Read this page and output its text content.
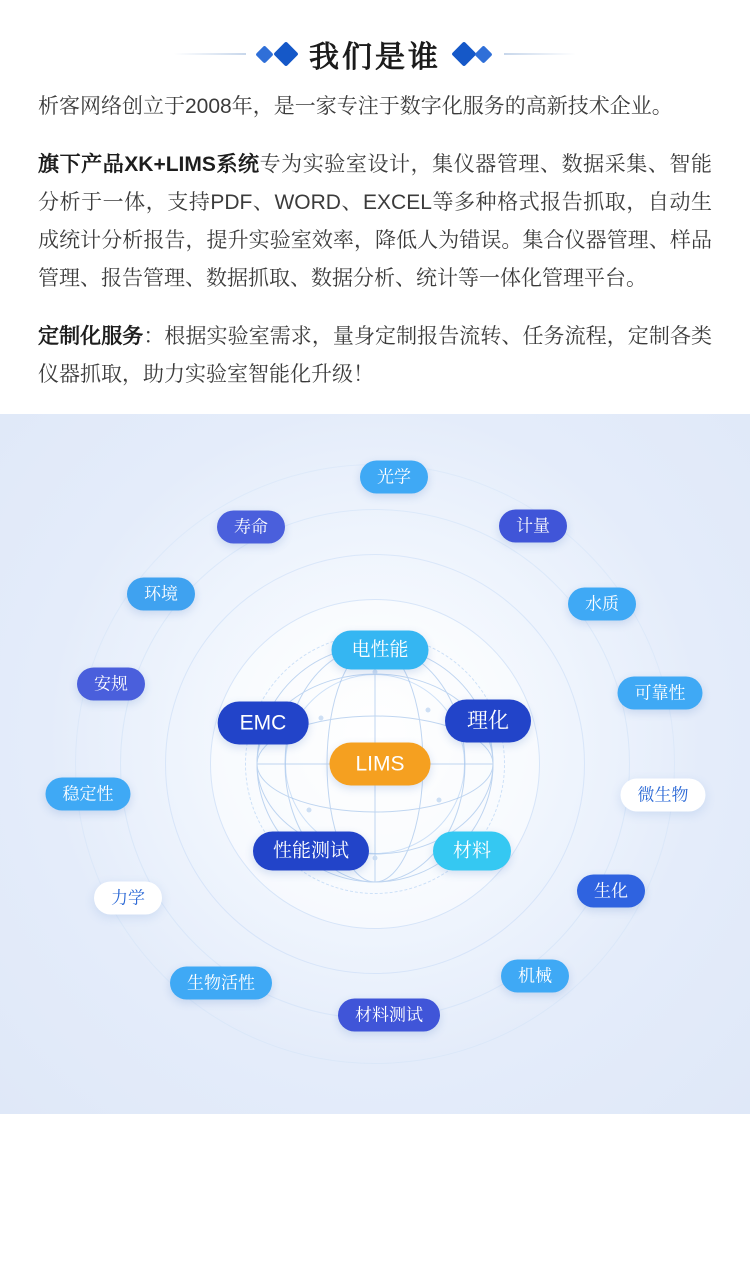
我们是谁

析客网络创立于2008年，是一家专注于数字化服务的高新技术企业。

旗下产品XK+LIMS系统专为实验室设计，集仪器管理、数据采集、智能分析于一体，支持PDF、WORD、EXCEL等多种格式报告抓取，自动生成统计分析报告，提升实验室效率，降低人为错误。集合仪器管理、样品管理、报告管理、数据抓取、数据分析、统计等一体化管理平台。

定制化服务：根据实验室需求，量身定制报告流转、任务流程，定制各类仪器抓取，助力实验室智能化升级！

光学
计量
寿命
环境
水质
安规	可靠性
电性能
EMC	理化
稳定性	微生物
性能测试	材料
生化
力学
机械
生物活性
材料测试
LIMS
